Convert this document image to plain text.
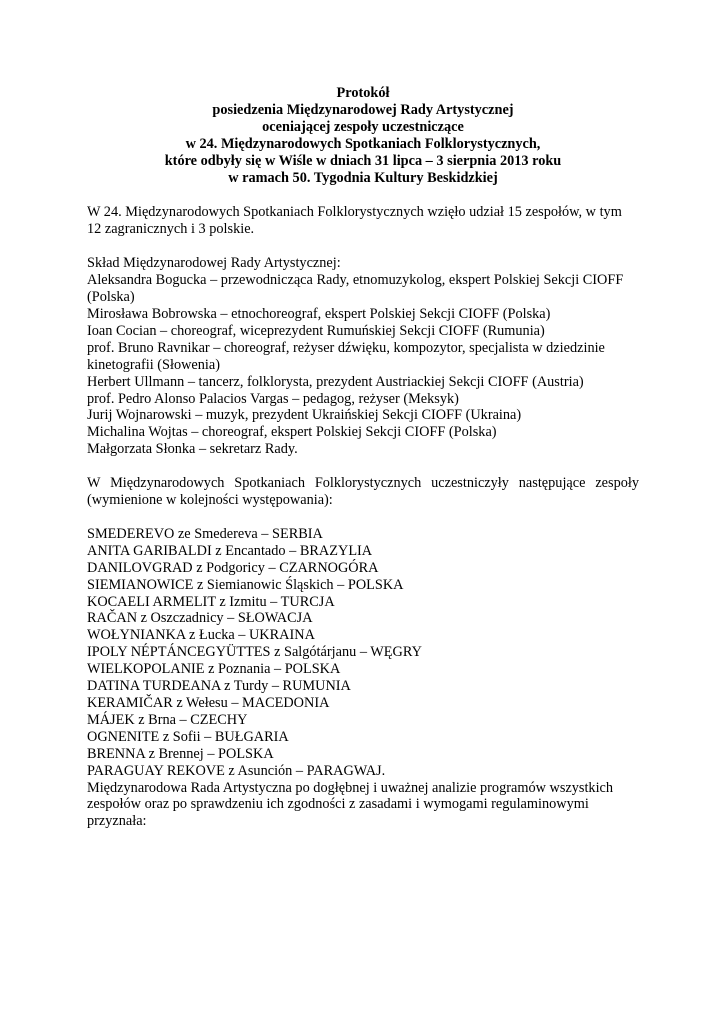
Protokół
posiedzenia Międzynarodowej Rady Artystycznej
oceniającej zespoły uczestniczące
w 24. Międzynarodowych Spotkaniach Folklorystycznych,
które odbyły się w Wiśle w dniach 31 lipca – 3 sierpnia 2013 roku
w ramach 50. Tygodnia Kultury Beskidzkiej

W 24. Międzynarodowych Spotkaniach Folklorystycznych wzięło udział 15 zespołów, w tym 12 zagranicznych i 3 polskie.

Skład Międzynarodowej Rady Artystycznej:
Aleksandra Bogucka – przewodnicząca Rady, etnomuzykolog, ekspert Polskiej Sekcji CIOFF (Polska)
Mirosława Bobrowska – etnochoreograf, ekspert Polskiej Sekcji CIOFF (Polska)
Ioan Cocian – choreograf, wiceprezydent Rumuńskiej Sekcji CIOFF (Rumunia)
prof. Bruno Ravnikar – choreograf, reżyser dźwięku, kompozytor, specjalista w dziedzinie kinetografii (Słowenia)
Herbert Ullmann – tancerz, folklorysta, prezydent Austriackiej Sekcji CIOFF (Austria)
prof. Pedro Alonso Palacios Vargas – pedagog, reżyser (Meksyk)
Jurij Wojnarowski – muzyk, prezydent Ukraińskiej Sekcji CIOFF (Ukraina)
Michalina Wojtas – choreograf, ekspert Polskiej Sekcji CIOFF (Polska)
Małgorzata Słonka – sekretarz Rady.

W Międzynarodowych Spotkaniach Folklorystycznych uczestniczyły następujące zespoły (wymienione w kolejności występowania):

SMEDEREVO ze Smedereva – SERBIA
ANITA GARIBALDI z Encantado – BRAZYLIA
DANILOVGRAD z Podgoricy – CZARNOGÓRA
SIEMIANOWICE z Siemianowic Śląskich – POLSKA
KOCAELI ARMELIT z Izmitu – TURCJA
RAČAN z Oszczadnicy – SŁOWACJA
WOŁYNIANKA z Łucka – UKRAINA
IPOLY NÉPTÁNCEGYÜTTES z Salgótárjanu – WĘGRY
WIELKOPOLANIE z Poznania – POLSKA
DATINA TURDEANA z Turdy – RUMUNIA
KERAMIČAR z Wełesu – MACEDONIA
MÁJEK z Brna – CZECHY
OGNENITE z Sofii – BUŁGARIA
BRENNA z Brennej – POLSKA
PARAGUAY REKOVE z Asunción – PARAGWAJ.
Międzynarodowa Rada Artystyczna po dogłębnej i uważnej analizie programów wszystkich
zespołów oraz po sprawdzeniu ich zgodności z zasadami i wymogami regulaminowymi
przyznała:
